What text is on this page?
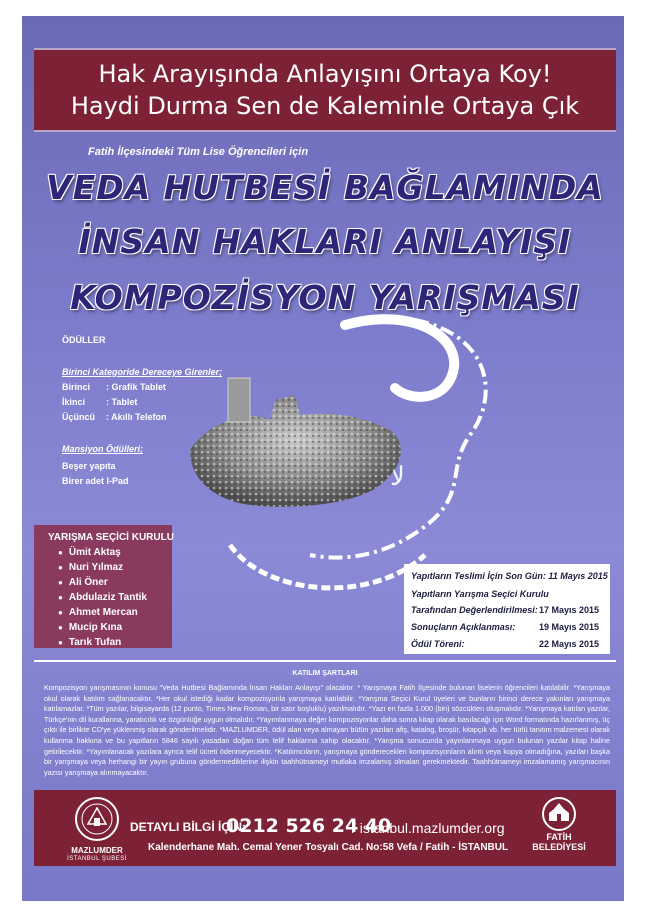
Hak Arayışında Anlayışını Ortaya Koy!
Haydi Durma Sen de Kaleminle Ortaya Çık
Fatih İlçesindeki Tüm Lise Öğrencileri için
VEDA HUTBESİ BAĞLAMINDA
İNSAN HAKLARI ANLAYIŞI
KOMPOZİSYON YARIŞMASI
ﻻ
ÖDÜLLER
Birinci Kategoride Dereceye Girenler;
Birinci : Grafik Tablet
İkinci : Tablet
Üçüncü : Akıllı Telefon
Mansiyon Ödülleri;
Beşer yapıta
Birer adet I-Pad
YARIŞMA SEÇİCİ KURULU
● Ümit Aktaş
● Nuri Yılmaz
● Ali Öner
● Abdulaziz Tantik
● Ahmet Mercan
● Mucip Kına
● Tarık Tufan
Yapıtların Teslimi İçin Son Gün: 11 Mayıs 2015
Yapıtların Yarışma Seçici Kurulu
Tarafından Değerlendirilmesi: 17 Mayıs 2015
Sonuçların Açıklanması:	19 Mayıs 2015
Ödül Töreni:	22 Mayıs 2015
KATILIM ŞARTLARI
Kompozisyon yarışmasının konusu “Veda Hutbesi Bağlamında İnsan Hakları Anlayışı” olacaktır. * Yarışmaya Fatih İlçesinde bulunan liselerin öğrencileri katılabilir. *Yarışmaya okul olarak katılım sağlanacaktır. *Her okul istediği kadar kompozisyonla yarışmaya katılabilir. *Yarışma Seçici Kurul üyeleri ve bunların birinci derece yakınları yarışmaya katılamazlar. *Tüm yazılar, bilgisayarda (12 punto, Times New Roman, bir satır boşluklu) yazılmalıdır. *Yazı en fazla 1.000 (bin) sözcükten oluşmalıdır. *Yarışmaya katılan yazılar, Türkçe'nin dil kurallarına, yaratıcılık ve özgünlüğe uygun olmalıdır. *Yayımlanmaya değer kompozisyonlar daha sonra kitap olarak basılacağı için Word formatında hazırlanmış, üç çıktı ile birlikte CD'ye yüklenmiş olarak gönderilmelidir. *MAZLUMDER, ödül alan veya almayan bütün yazıları afiş, katalog, broşür, kitapçık vb. her türlü tanıtım malzemesi olarak kullanma hakkına ve bu yapıtların 5846 sayılı yasadan doğan tüm telif haklarına sahip olacaktır. *Yarışma sonucunda yayınlanmaya uygun bulunan yazılar kitap haline getirilecektir. *Yayımlanacak yazılara ayrıca telif ücreti ödenmeyecektir. *Katılımcıların, yarışmaya gönderecekleri kompozisyonların alıntı veya kopya olmadığına, yazıları başka bir yarışmaya veya herhangi bir yayın grubuna göndermediklerine ilişkin taahhütnameyi mutlaka imzalamış olmaları gerekmektedir. Taahhütnameyi imzalamamış yarışmacının yazısı yarışmaya alınmayacaktır.
MAZLUMDER
İSTANBUL ŞUBESİ
DETAYLI BİLGİ İÇİN:
0212 526 24 40
/ istanbul.mazlumder.org
Kalenderhane Mah. Cemal Yener Tosyalı Cad. No:58 Vefa / Fatih - İSTANBUL
FATİH BELEDİYESİ
